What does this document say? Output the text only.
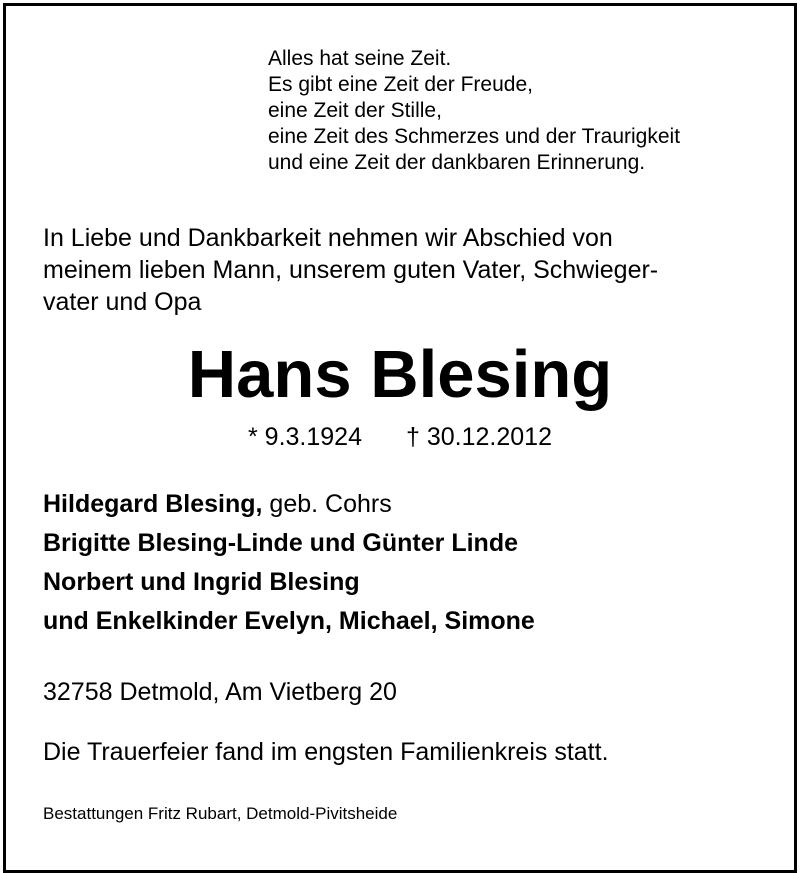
Alles hat seine Zeit.
Es gibt eine Zeit der Freude,
eine Zeit der Stille,
eine Zeit des Schmerzes und der Traurigkeit
und eine Zeit der dankbaren Erinnerung.
In Liebe und Dankbarkeit nehmen wir Abschied von
meinem lieben Mann, unserem guten Vater, Schwieger-
vater und Opa
Hans Blesing
* 9.3.1924 † 30.12.2012
Hildegard Blesing, geb. Cohrs
Brigitte Blesing-Linde und Günter Linde
Norbert und Ingrid Blesing
und Enkelkinder Evelyn, Michael, Simone
32758 Detmold, Am Vietberg 20
Die Trauerfeier fand im engsten Familienkreis statt.
Bestattungen Fritz Rubart, Detmold-Pivitsheide
